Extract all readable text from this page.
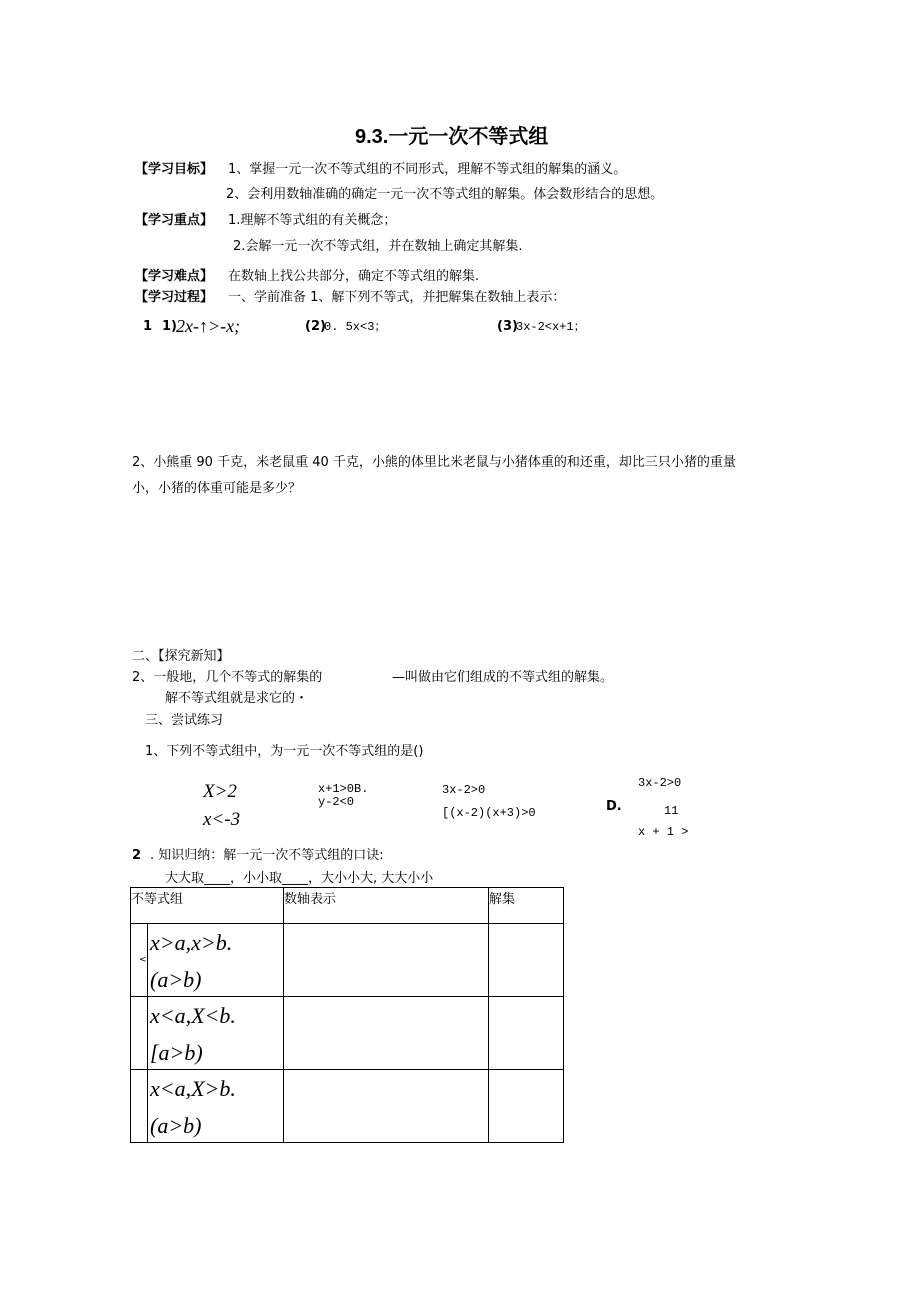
9.3.一元一次不等式组
【学习目标】 1、掌握一元一次不等式组的不同形式，理解不等式组的解集的涵义。
2、会利用数轴准确的确定一元一次不等式组的解集。体会数形结合的思想。
【学习重点】 1.理解不等式组的有关概念；
2.会解一元一次不等式组，并在数轴上确定其解集.
【学习难点】 在数轴上找公共部分，确定不等式组的解集.
【学习过程】 一、学前准备 1、解下列不等式，并把解集在数轴上表示：
1 1) 2x-↑>-x;	(2)
0. 5x<3；	(3)
3x-2<x+1；
2、小熊重 90 千克，米老鼠重 40 千克，小熊的体里比米老鼠与小猪体重的和还重，却比三只小猪的重量
小，小猪的体重可能是多少？
二、【探究新知】
2、一般地，几个不等式的解集的	—叫做由它们组成的不等式组的解集。
解不等式组就是求它的・
三、尝试练习
1、下列不等式组中，为一元一次不等式组的是()
X>2
x<-3
x+1>0B.
y-2<0
3x-2>0
[(x-2)(x+3)>0	D.
3x-2>0
11
x + 1 >
2 . 知识归纳：解一元一次不等式组的口诀:
大大取____，小小取____，大小小大, 大大小小
不等式组	数轴表示	解集

<
x>a,x>b.(a>b)		

x<a,X<b.[a>b)		

x<a,X>b.(a>b)		
